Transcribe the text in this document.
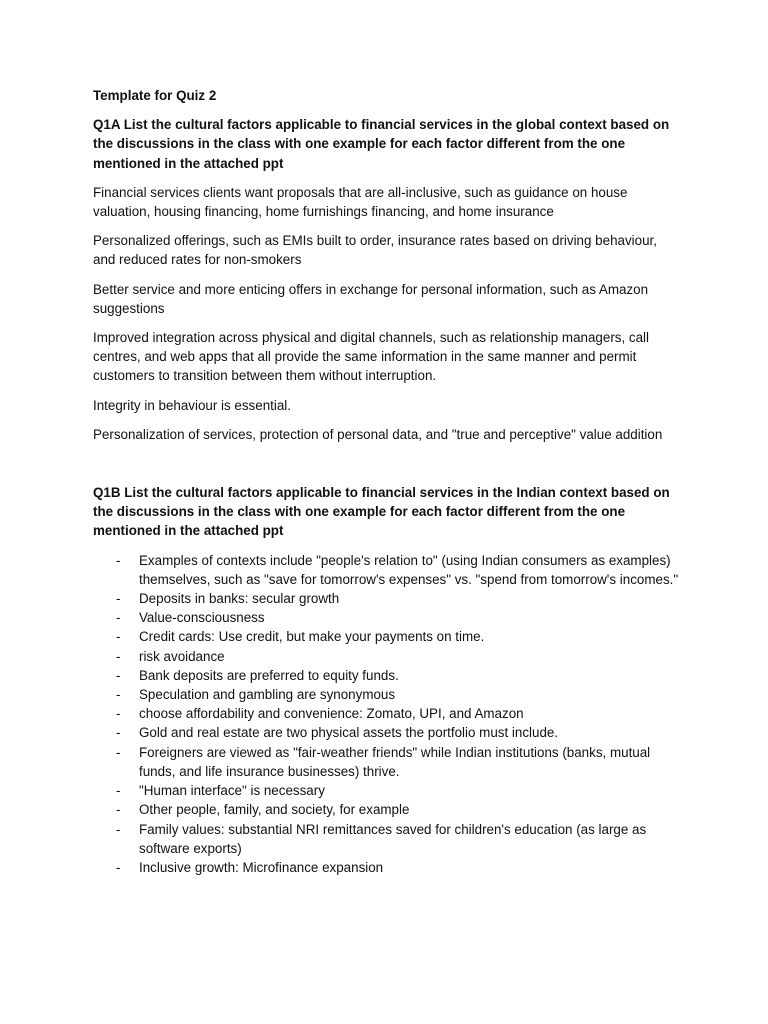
Template for Quiz 2

Q1A List the cultural factors applicable to financial services in the global context based on the discussions in the class with one example for each factor different from the one mentioned in the attached ppt

Financial services clients want proposals that are all-inclusive, such as guidance on house valuation, housing financing, home furnishings financing, and home insurance

Personalized offerings, such as EMIs built to order, insurance rates based on driving behaviour, and reduced rates for non-smokers

Better service and more enticing offers in exchange for personal information, such as Amazon suggestions

Improved integration across physical and digital channels, such as relationship managers, call centres, and web apps that all provide the same information in the same manner and permit customers to transition between them without interruption.

Integrity in behaviour is essential.

Personalization of services, protection of personal data, and "true and perceptive" value addition

Q1B List the cultural factors applicable to financial services in the Indian context based on the discussions in the class with one example for each factor different from the one mentioned in the attached ppt

- Examples of contexts include "people's relation to" (using Indian consumers as examples) themselves, such as "save for tomorrow's expenses" vs. "spend from tomorrow's incomes."
- Deposits in banks: secular growth
- Value-consciousness
- Credit cards: Use credit, but make your payments on time.
- risk avoidance
- Bank deposits are preferred to equity funds.
- Speculation and gambling are synonymous
- choose affordability and convenience: Zomato, UPI, and Amazon
- Gold and real estate are two physical assets the portfolio must include.
- Foreigners are viewed as "fair-weather friends" while Indian institutions (banks, mutual funds, and life insurance businesses) thrive.
- "Human interface" is necessary
- Other people, family, and society, for example
- Family values: substantial NRI remittances saved for children's education (as large as software exports)
- Inclusive growth: Microfinance expansion
